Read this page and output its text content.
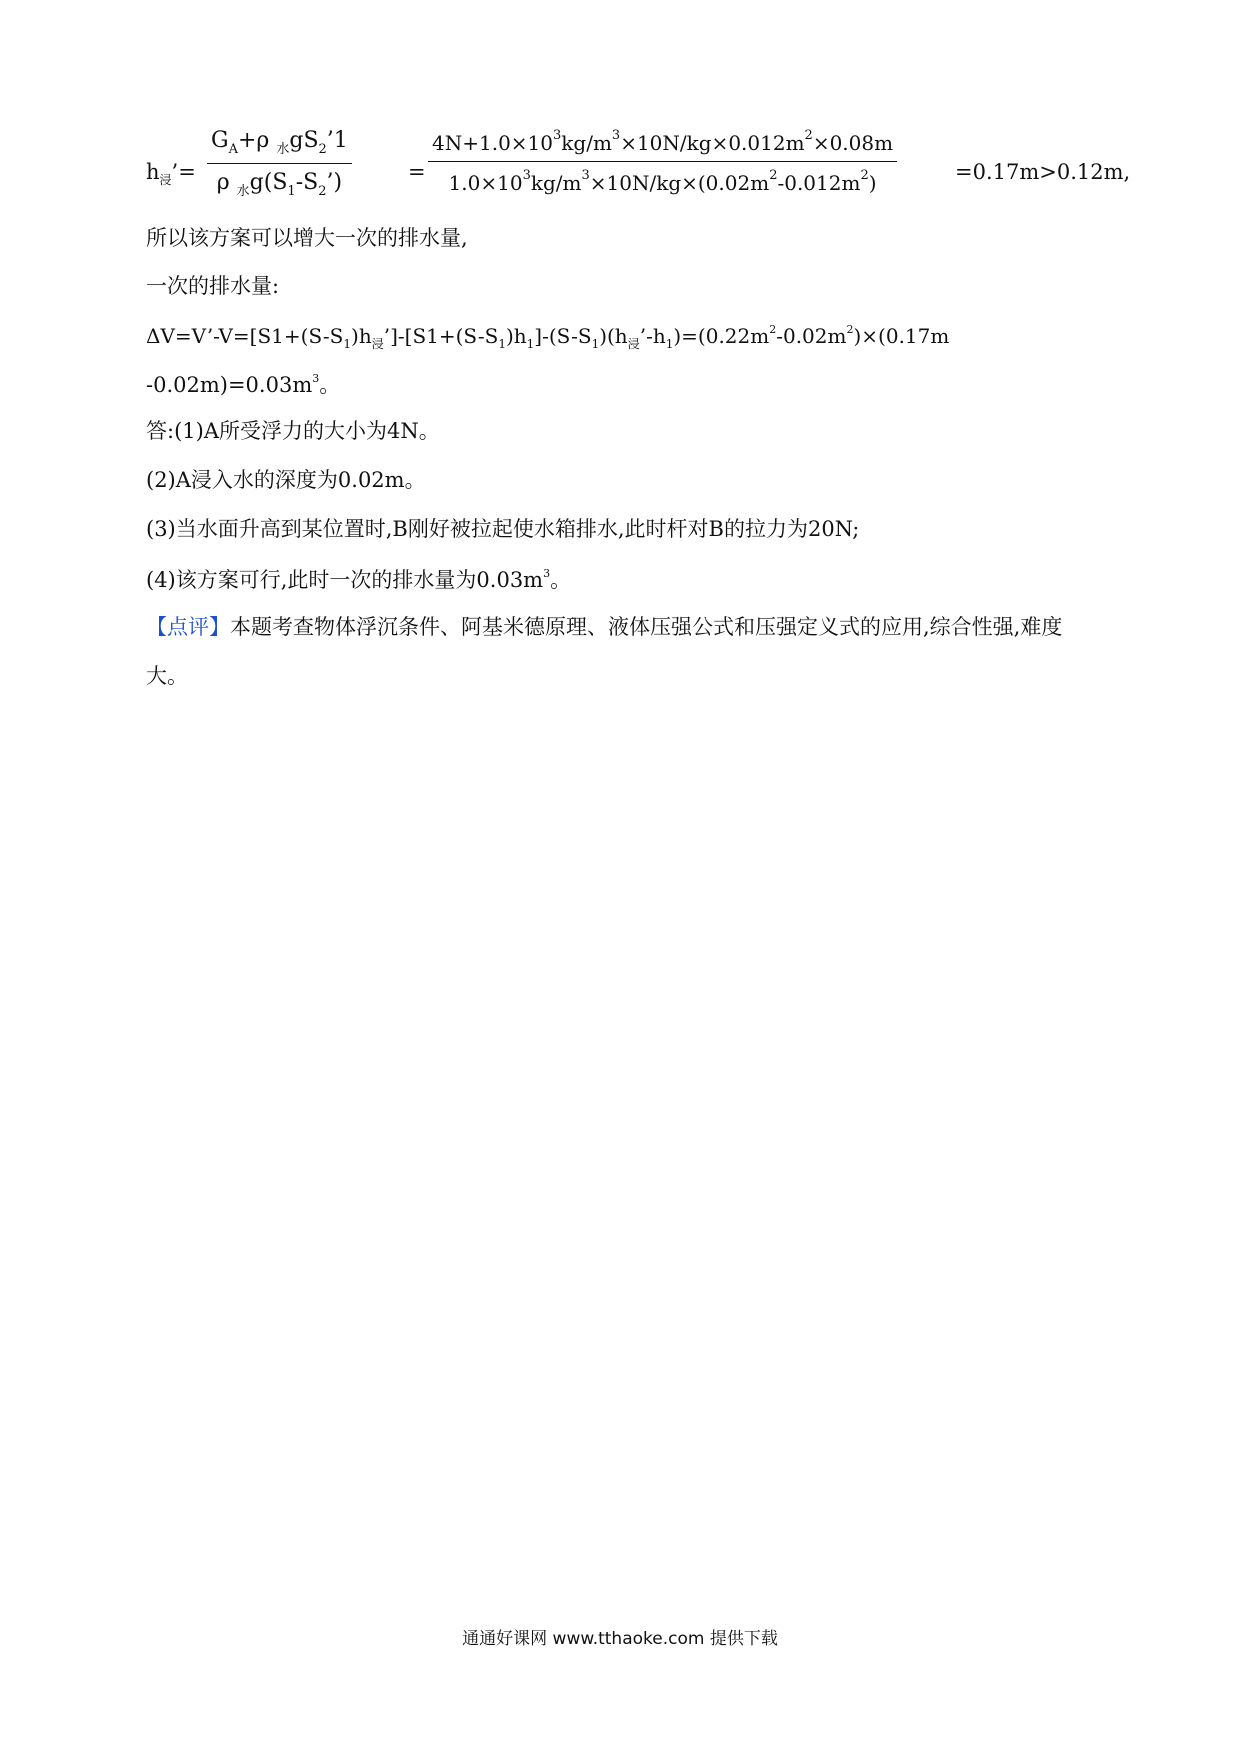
$h_浸’=$
$G_A+\rho$ $_水gS_2’1$
ρ $_水g(S_1-S_2’)$	=
$4N+1.0\times 10^3kg/m^3\times 10N/kg\times 0.012m^2\times 0.08m$
$1.0\times 10^3kg/m^3\times 10N/kg\times(0.02m^2-0.012m^2)$	=0.17m>0.12m,
所以该方案可以增大一次的排水量,
一次的排水量:
$\Delta V=V’-V=[S1+(S-S_1)h_浸’]-[S1+(S-S_1)h_1]-(S-S_1)(h_浸’-h_1)=(0.22m^2-0.02m^2)\times(0.17m$
$-0.02m)=0.03m^3$。
答:(1)A所受浮力的大小为4N。
(2)A浸入水的深度为0.02m。
(3)当水面升高到某位置时,B刚好被拉起使水箱排水,此时杆对B的拉力为20N;
(4)该方案可行,此时一次的排水量为$0.03m^3$。
【点评】本题考查物体浮沉条件、阿基米德原理、液体压强公式和压强定义式的应用,综合性强,难度
大。
通通好课网 www.tthaoke.com 提供下载
